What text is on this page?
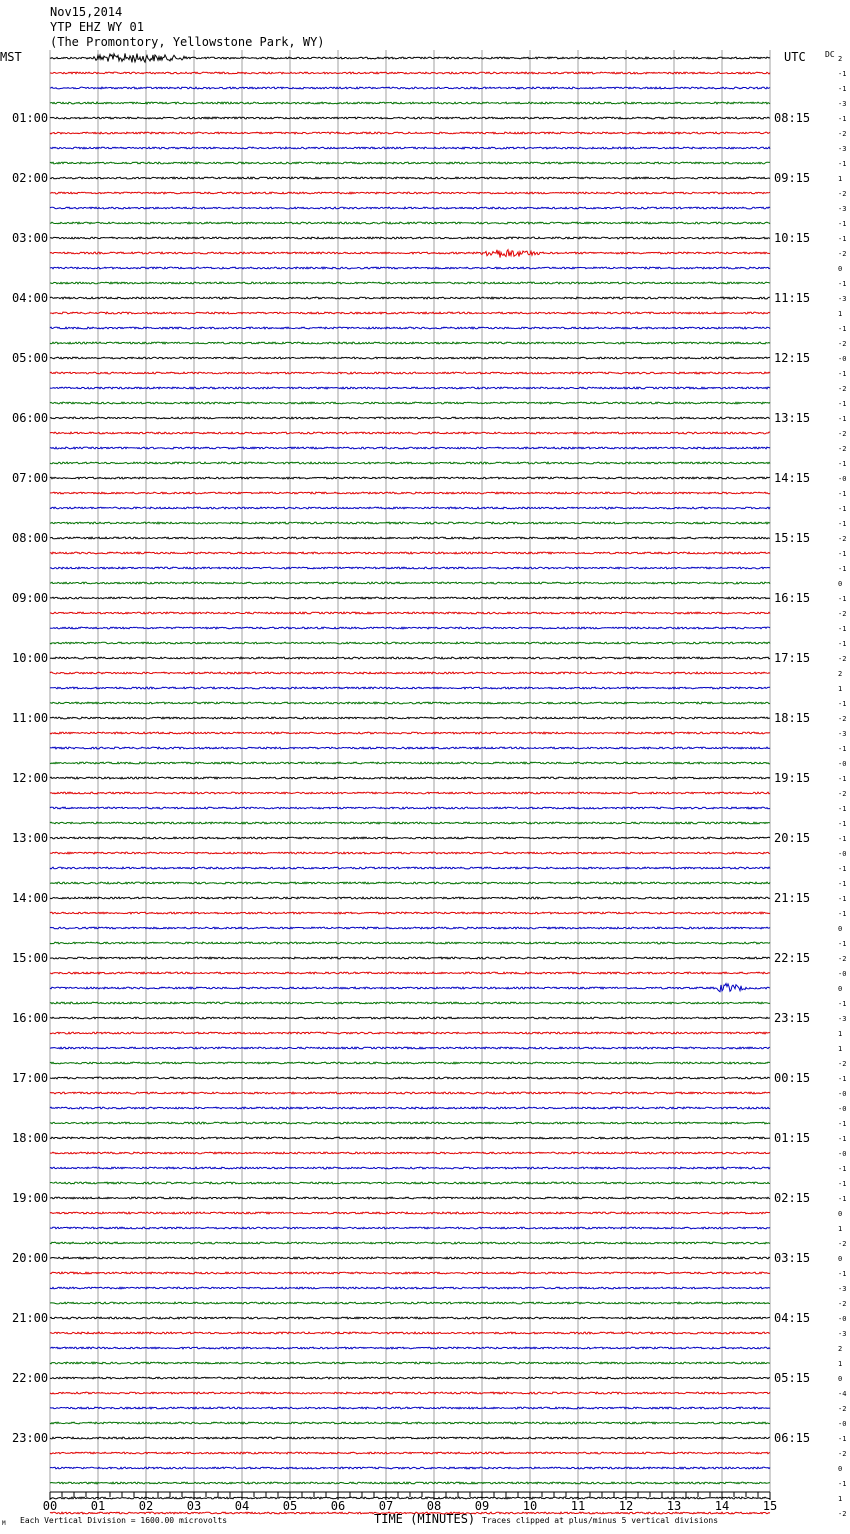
Nov15,2014
YTP EHZ WY 01
(The Promontory, Yellowstone Park, WY)
MST	UTC DC
01:00
02:00
03:00
04:00
05:00
06:00
07:00
08:00
09:00
10:00
11:00
12:00
13:00
14:00
15:00
16:00
17:00
18:00
19:00
20:00
21:00
22:00
23:00
08:15
09:15
10:15
11:15
12:15
13:15
14:15
15:15
16:15
17:15
18:15
19:15
20:15
21:15
22:15
23:15
00:15
01:15
02:15
03:15
04:15
05:15
06:15
2
-1
-1
-3
-1
-2
-3
-1
1
-2
-3
-1
-1
-2
0
-1
-3
1
-1
-2
-0
-1
-2
-1
-1
-2
-2
-1
-0
-1
-1
-1
-2
-1
-1
0
-1
-2
-1
-1
-2
2
1
-1
-2
-3
-1
-0
-1
-2
-1
-1
-1
-0
-1
-1
-1
-1
0
-1
-2
-0
0
-1
-3
1
1
-2
-1
-0
-0
-1
-1
-0
-1
-1
-1
0
1
-2
0
-1
-3
-2
-0
-3
2
1
0
-4
-2
-0
-1
-2
0
-1
1
-2
00	01	02	03	04	05	06	07	08	09	10	11	12	13	14	15
M Each Vertical Division = 1600.00 microvolts	TIME (MINUTES) Traces clipped at plus/minus 5 vertical divisions
